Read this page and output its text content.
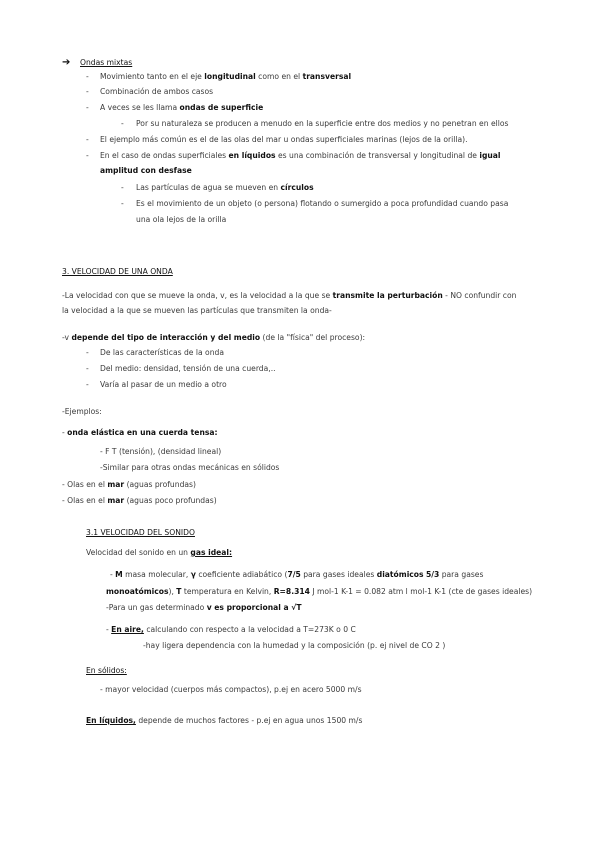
➔ Ondas mixtas
- Movimiento tanto en el eje longitudinal como en el transversal
- Combinación de ambos casos
- A veces se les llama ondas de superficie
- Por su naturaleza se producen a menudo en la superficie entre dos medios y no penetran en ellos
- El ejemplo más común es el de las olas del mar u ondas superficiales marinas (lejos de la orilla).
- En el caso de ondas superficiales en líquidos es una combinación de transversal y longitudinal de igual
amplitud con desfase
- Las partículas de agua se mueven en círculos
- Es el movimiento de un objeto (o persona) flotando o sumergido a poca profundidad cuando pasa
una ola lejos de la orilla
3. VELOCIDAD DE UNA ONDA
-La velocidad con que se mueve la onda, v, es la velocidad a la que se transmite la perturbación - NO confundir con
la velocidad a la que se mueven las partículas que transmiten la onda-
-v depende del tipo de interacción y del medio (de la "física" del proceso):
- De las características de la onda
- Del medio: densidad, tensión de una cuerda,..
- Varía al pasar de un medio a otro
-Ejemplos:
- onda elástica en una cuerda tensa:
- F T (tensión), (densidad lineal)
-Similar para otras ondas mecánicas en sólidos
- Olas en el mar (aguas profundas)
- Olas en el mar (aguas poco profundas)
3.1 VELOCIDAD DEL SONIDO
Velocidad del sonido en un gas ideal:
- M masa molecular, γ coeficiente adiabático (7/5 para gases ideales diatómicos 5/3 para gases
monoatómicos), T temperatura en Kelvin, R=8.314 J mol-1 K-1 = 0.082 atm l mol-1 K-1 (cte de gases ideales)
-Para un gas determinado v es proporcional a √T
- En aire, calculando con respecto a la velocidad a T=273K o 0 C
-hay ligera dependencia con la humedad y la composición (p. ej nivel de CO 2 )
En sólidos:
- mayor velocidad (cuerpos más compactos), p.ej en acero 5000 m/s
En líquidos, depende de muchos factores - p.ej en agua unos 1500 m/s
